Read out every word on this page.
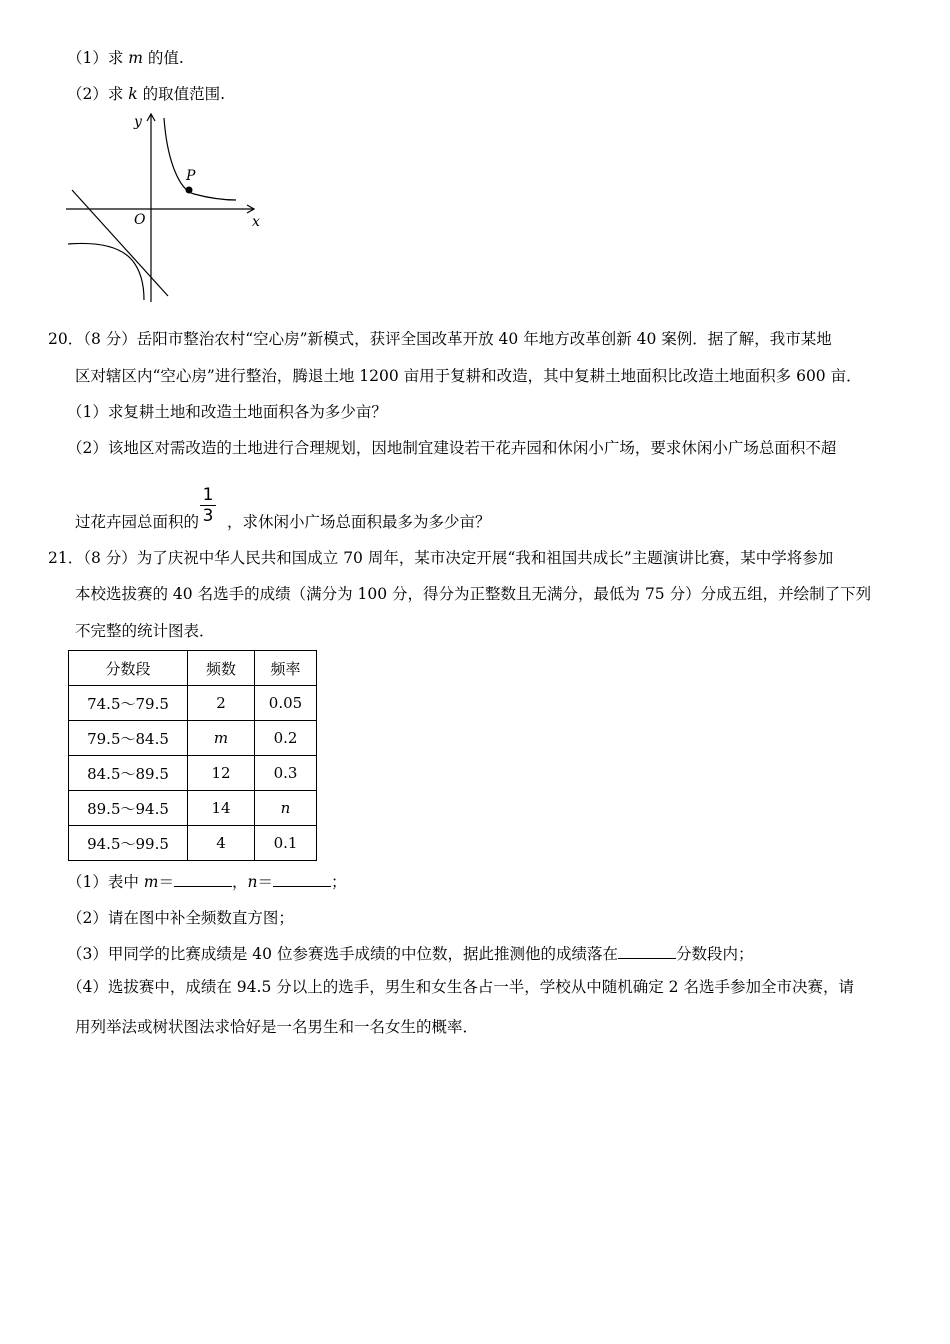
（1）求 m 的值.
（2）求 k 的取值范围.
y
x
O
P
20．（8 分）岳阳市整治农村“空心房”新模式，获评全国改革开放 40 年地方改革创新 40 案例．据了解，我市某地
区对辖区内“空心房”进行整治，腾退土地 1200 亩用于复耕和改造，其中复耕土地面积比改造土地面积多 600 亩．
（1）求复耕土地和改造土地面积各为多少亩？
（2）该地区对需改造的土地进行合理规划，因地制宜建设若干花卉园和休闲小广场，要求休闲小广场总面积不超
1
3
过花卉园总面积的 ，求休闲小广场总面积最多为多少亩？
21．（8 分）为了庆祝中华人民共和国成立 70 周年，某市决定开展“我和祖国共成长”主题演讲比赛，某中学将参加
本校选拔赛的 40 名选手的成绩（满分为 100 分，得分为正整数且无满分，最低为 75 分）分成五组，并绘制了下列
不完整的统计图表．
分数段	频数	频率
74.5～79.5	2	0.05
79.5～84.5	m	0.2
84.5～89.5	12	0.3
89.5～94.5	14	n
94.5～99.5	4	0.1
（1）表中 m＝	，n＝	；
（2）请在图中补全频数直方图；
（3）甲同学的比赛成绩是 40 位参赛选手成绩的中位数，据此推测他的成绩落在	分数段内；
（4）选拔赛中，成绩在 94.5 分以上的选手，男生和女生各占一半，学校从中随机确定 2 名选手参加全市决赛，请
用列举法或树状图法求恰好是一名男生和一名女生的概率．
